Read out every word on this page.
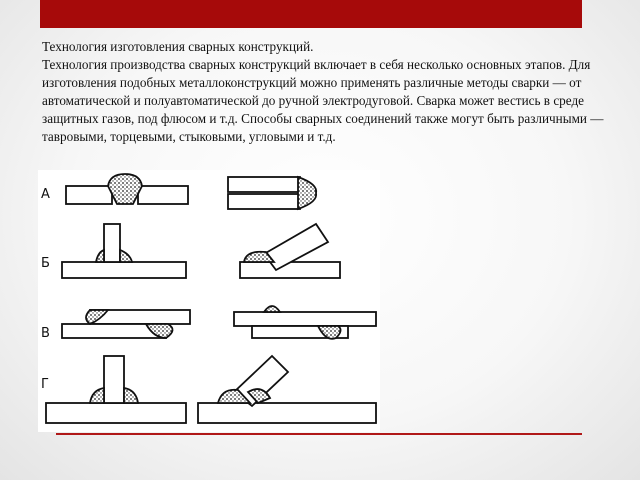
Технология изготовления сварных конструкций.

Технология производства сварных конструкций включает в себя несколько основных этапов. Для изготовления подобных металлоконструкций можно применять различные методы сварки — от автоматической и полуавтоматической до ручной электродуговой. Сварка может вестись в среде защитных газов, под флюсом и т.д. Способы сварных соединений также могут быть различными — тавровыми, торцевыми, стыковыми, угловыми и т.д.

А
Б
В
Г
